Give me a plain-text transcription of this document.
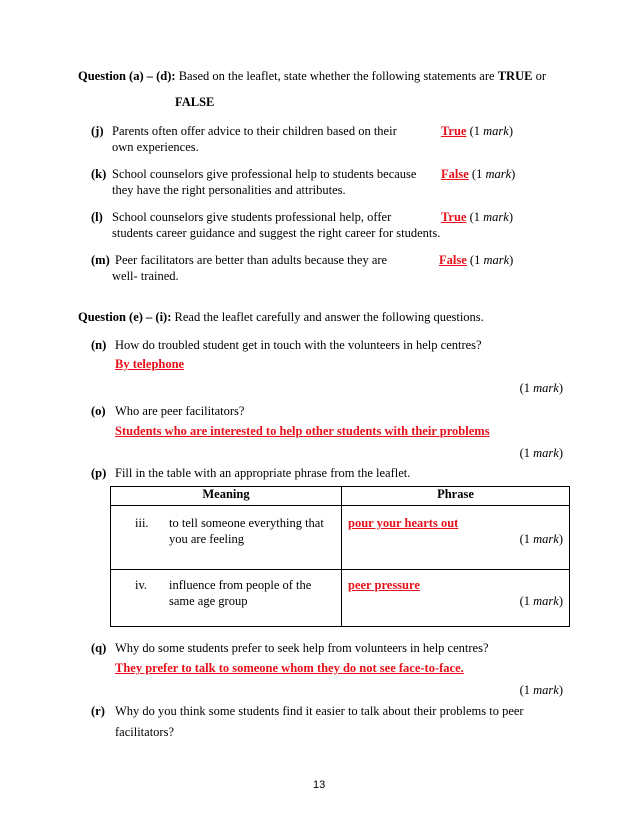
Question (a) – (d): Based on the leaflet, state whether the following statements are TRUE or
FALSE
(j) Parents often offer advice to their children based on their
own experiences.
True (1 mark)
(k) School counselors give professional help to students because
they have the right personalities and attributes.
False (1 mark)
(l) School counselors give students professional help, offer
students career guidance and suggest the right career for students.
True (1 mark)
(m) Peer facilitators are better than adults because they are
well- trained.
False (1 mark)
Question (e) – (i): Read the leaflet carefully and answer the following questions.
(n) How do troubled student get in touch with the volunteers in help centres?
By telephone
(1 mark)
(o) Who are peer facilitators?
Students who are interested to help other students with their problems
(1 mark)
(p) Fill in the table with an appropriate phrase from the leaflet.
Meaning	Phrase

iii. to tell someone everything that
you are feeling	pour your hearts out
(1 mark)

iv. influence from people of the
same age group	peer pressure
(1 mark)
(q) Why do some students prefer to seek help from volunteers in help centres?
They prefer to talk to someone whom they do not see face-to-face.
(1 mark)
(r) Why do you think some students find it easier to talk about their problems to peer
facilitators?
13
